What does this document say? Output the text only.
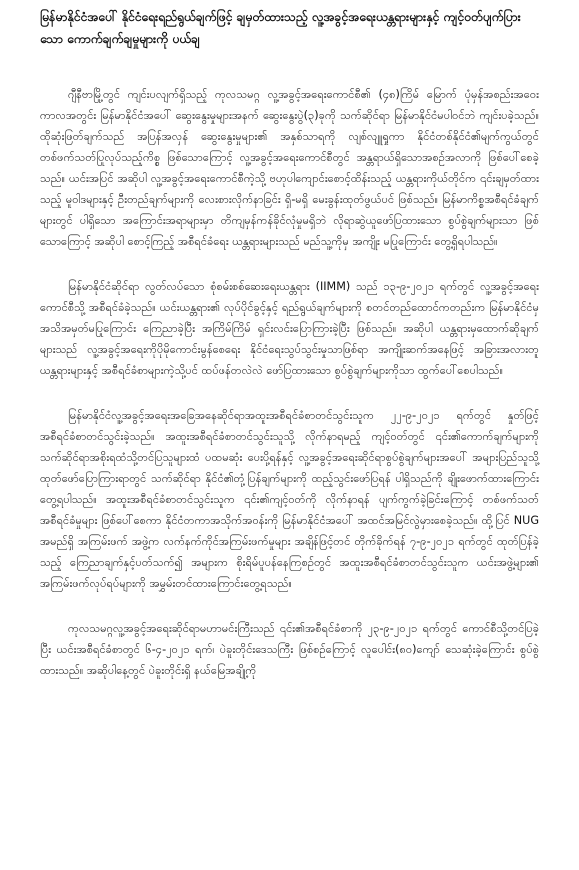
မြန်မာနိုင်ငံအပေါ် နိုင်ငံရေးရည်ရွယ်ချက်ဖြင့် ချမှတ်ထားသည့် လူ့အခွင့်အရေးယန္တရားများနှင့် ကျင့်ဝတ်ပျက်ပြားသော ကောက်ချက်ချမှုများကို ပယ်ချ

ဂျီနီဗာမြို့တွင် ကျင်းပလျက်ရှိသည့် ကုလသမဂ္ဂ လူ့အခွင့်အရေးကောင်စီ၏ (၄၈)ကြိမ် မြောက် ပုံမှန်အစည်းအဝေးကာလအတွင်း မြန်မာနိုင်ငံအပေါ် ဆွေးနွေးမှုများအနက် ဆွေးနွေးပွဲ(၃)ခုကို သက်ဆိုင်ရာ မြန်မာနိုင်ငံမပါဝင်ဘဲ ကျင်းပခဲ့သည်။ ထိုဆုံးဖြတ်ချက်သည် အပြန်အလှန် ဆွေးနွေးမှုများ၏ အနှစ်သာရကို လျစ်လျူရှုကာ နိုင်ငံတစ်နိုင်ငံ၏မျက်ကွယ်တွင် တစ်ဖက်သတ်ပြုလုပ်သည့်ကိစ္စ ဖြစ်သောကြောင့် လူ့အခွင့်အရေးကောင်စီတွင် အန္တရာယ်ရှိသောအစဉ်အလာကို ဖြစ်ပေါ်စေခဲ့သည်။ ယင်းအပြင် အဆိုပါ လူ့အခွင့်အရေးကောင်စီကဲ့သို့ ဗဟုပါကျောင်းစောင့်ထိန်းသည့် ယန္တရားကိုယ်တိုင်က ၎င်းချမှတ်ထားသည့် မူဝါဒများနှင့် ဦးတည်ချက်များကို လေးစားလိုက်နာခြင်း ရှိ-မရှိ မေးခွန်းထုတ်ဖွယ်ပင် ဖြစ်သည်။ မြန်မာကိစ္စအစီရင်ခံချက်များတွင် ပါရှိသော အကြောင်းအရာများမှာ တိကျမှန်ကန်ခိုင်လုံမှုမရှိဘဲ လိုရာဆွဲယူဖော်ပြထားသော စွပ်စွဲချက်များသာ ဖြစ်သောကြောင့် အဆိုပါ စောင့်ကြည့် အစီရင်ခံရေး ယန္တရားများသည် မည်သူ့ကိုမှ အကျိုး မပြုကြောင်း တွေ့ရှိရပါသည်။

မြန်မာနိုင်ငံဆိုင်ရာ လွတ်လပ်သော စုံစမ်းစစ်ဆေးရေးယန္တရား (IIMM) သည် ၁၃-၉-၂၀၂၁ ရက်တွင် လူ့အခွင့်အရေးကောင်စီသို့ အစီရင်ခံခဲ့သည်။ ယင်းယန္တရား၏ လုပ်ပိုင်ခွင့်နှင့် ရည်ရွယ်ချက်များကို စတင်တည်ထောင်ကတည်းက မြန်မာနိုင်ငံမှအသိအမှတ်မပြုကြောင်း ကြေညာခဲ့ပြီး အကြိမ်ကြိမ် ရှင်းလင်းပြောကြားခဲ့ပြီး ဖြစ်သည်။ အဆိုပါ ယန္တရားမှထောက်ဆိုချက်များသည် လူ့အခွင့်အရေးကိုပိုမိုကောင်းမွန်စေရေး နိုင်ငံရေးသွပ်သွင်းမှုသာဖြစ်ရာ အကျိုးဆက်အနေဖြင့် အခြားအလားတူ ယန္တရားများနှင့် အစီရင်ခံစာများကဲ့သို့ပင် ထပ်ဖန်တလဲလဲ ဖော်ပြထားသော စွပ်စွဲချက်များကိုသာ ထွက်ပေါ်စေပါသည်။

မြန်မာနိုင်ငံလူ့အခွင့်အရေးအခြေအနေဆိုင်ရာအထူးအစီရင်ခံစာတင်သွင်းသူက ၂၂-၉-၂၀၂၁ ရက်တွင် နှုတ်ဖြင့် အစီရင်ခံစာတင်သွင်းခဲ့သည်။ အထူးအစီရင်ခံစာတင်သွင်းသူသို့ လိုက်နာရမည့် ကျင့်ဝတ်တွင် ၎င်း၏ကောက်ချက်များကို သက်ဆိုင်ရာအစိုးရထံသို့တင်ပြသူများထံ ပထမဆုံး ပေးပို့ရန်နှင့် လူ့အခွင့်အရေးဆိုင်ရာစွပ်စွဲချက်များအပေါ် အများပြည်သူသို့ ထုတ်ဖော်ပြောကြားရာတွင် သက်ဆိုင်ရာ နိုင်ငံ၏တုံ့ပြန်ချက်များကို ထည့်သွင်းဖော်ပြရန် ပါရှိသည်ကို ချိုးဖောက်ထားကြောင်းတွေ့ရပါသည်။ အထူးအစီရင်ခံစာတင်သွင်းသူက ၎င်း၏ကျင့်ဝတ်ကို လိုက်နာရန် ပျက်ကွက်ခဲ့ခြင်းကြောင့် တစ်ဖက်သတ်အစီရင်ခံမှုများ ဖြစ်ပေါ်စေကာ နိုင်ငံတကာအသိုက်အဝန်းကို မြန်မာနိုင်ငံအပေါ် အထင်အမြင်လွဲမှားစေခဲ့သည်။ ထို့ပြင် NUG အမည်ရှိ အကြမ်းဖက် အဖွဲ့က လက်နက်ကိုင်အကြမ်းဖက်မှုများ အချိန်ဖြင့်တင် တိုက်ခိုက်ရန် ၇-၉-၂၀၂၁ ရက်တွင် ထုတ်ပြန်ခဲ့သည့် ကြေညာချက်နှင့်ပတ်သက်၍ အများက စိုးရိမ်ပူပန်နေကြစဉ်တွင် အထူးအစီရင်ခံစာတင်သွင်းသူက ယင်းအဖွဲ့များ၏ အကြမ်းဖက်လုပ်ရပ်များကို အမွှမ်းတင်ထားကြောင်းတွေ့ရသည်။

ကုလသမဂ္ဂလူ့အခွင့်အရေးဆိုင်ရာမဟာမင်းကြီးသည် ၎င်း၏အစီရင်ခံစာကို ၂၃-၉-၂၀၂၁ ရက်တွင် ကောင်စီသို့တင်ပြခဲ့ပြီး ယင်းအစီရင်ခံစာတွင် ၆-၄-၂၀၂၁ ရက်၊ ပဲခူးတိုင်းဒေသကြီး ဖြစ်စဉ်ကြောင့် လူပေါင်း(၈၀)ကျော် သေဆုံးခဲ့ကြောင်း စွပ်စွဲထားသည်။ အဆိုပါနေ့တွင် ပဲခူးတိုင်းရှိ နယ်မြေအချို့ကို
